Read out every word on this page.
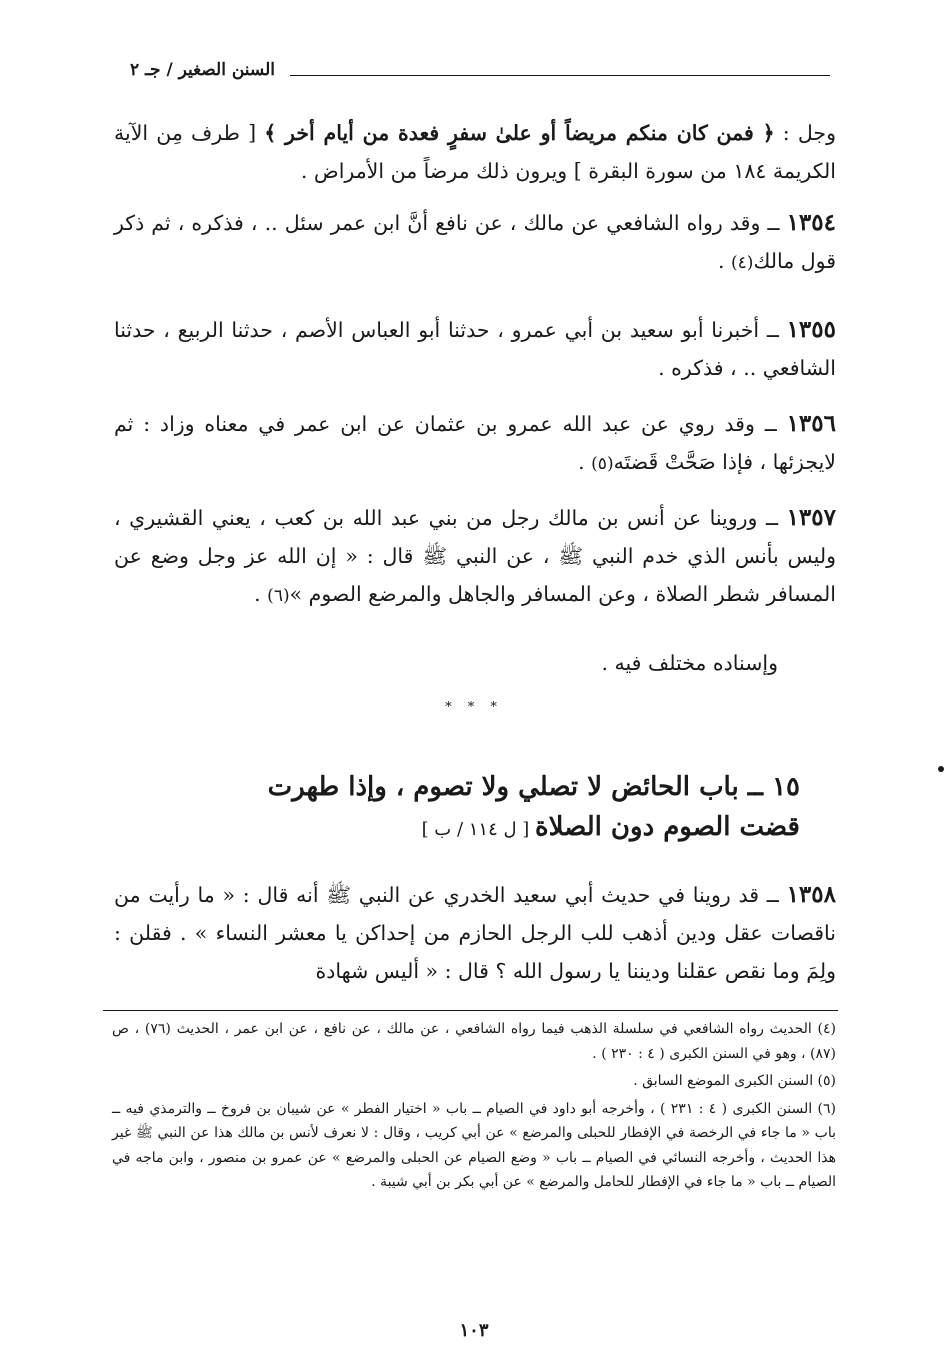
السنن الصغير / جـ ٢

وجل : ﴿ فمن كان منكم مريضاً أو علىٰ سفرٍ فعدة من أيام أخر ﴾ [ طرف مِن الآية الكريمة ١٨٤ من سورة البقرة ] ويرون ذلك مرضاً من الأمراض .

١٣٥٤ ــ وقد رواه الشافعي عن مالك ، عن نافع أنَّ ابن عمر سئل .. ، فذكره ، ثم ذكر قول مالك(٤) .

١٣٥٥ ــ أخبرنا أبو سعيد بن أبي عمرو ، حدثنا أبو العباس الأصم ، حدثنا الربيع ، حدثنا الشافعي .. ، فذكره .

١٣٥٦ ــ وقد روي عن عبد الله عمرو بن عثمان عن ابن عمر في معناه وزاد : ثم لايجزئها ، فإذا صَحَّتْ قَضتَه(٥) .

١٣٥٧ ــ وروينا عن أنس بن مالك رجل من بني عبد الله بن كعب ، يعني القشيري ، وليس بأنس الذي خدم النبي ﷺ ، عن النبي ﷺ قال : « إن الله عز وجل وضع عن المسافر شطر الصلاة ، وعن المسافر والجاهل والمرضع الصوم »(٦) .

وإسناده مختلف فيه .

* * *
١٥ ــ باب الحائض لا تصلي ولا تصوم ، وإذا طهرت قضت الصوم دون الصلاة [ ل ١١٤ / ب ]

١٣٥٨ ــ قد روينا في حديث أبي سعيد الخدري عن النبي ﷺ أنه قال : « ما رأيت من ناقصات عقل ودين أذهب للب الرجل الحازم من إحداكن يا معشر النساء » . فقلن : ولِمَ وما نقص عقلنا وديننا يا رسول الله ؟ قال : « أليس شهادة

(٤) الحديث رواه الشافعي في سلسلة الذهب فيما رواه الشافعي ، عن مالك ، عن نافع ، عن ابن عمر ، الحديث (٧٦) ، ص (٨٧) ، وهو في السنن الكبرى ( ٤ : ٢٣٠ ) .

(٥) السنن الكبرى الموضع السابق .

(٦) السنن الكبرى ( ٤ : ٢٣١ ) ، وأخرجه أبو داود في الصيام ــ باب « اختيار الفطر » عن شيبان بن فروخ ــ والترمذي فيه ــ باب « ما جاء في الرخصة في الإفطار للحبلى والمرضع » عن أبي كريب ، وقال : لا نعرف لأنس بن مالك هذا عن النبي ﷺ غير هذا الحديث ، وأخرجه النسائي في الصيام ــ باب « وضع الصيام عن الحبلى والمرضع » عن عمرو بن منصور ، وابن ماجه في الصيام ــ باب « ما جاء في الإفطار للحامل والمرضع » عن أبي بكر بن أبي شيبة .

١٠٣
